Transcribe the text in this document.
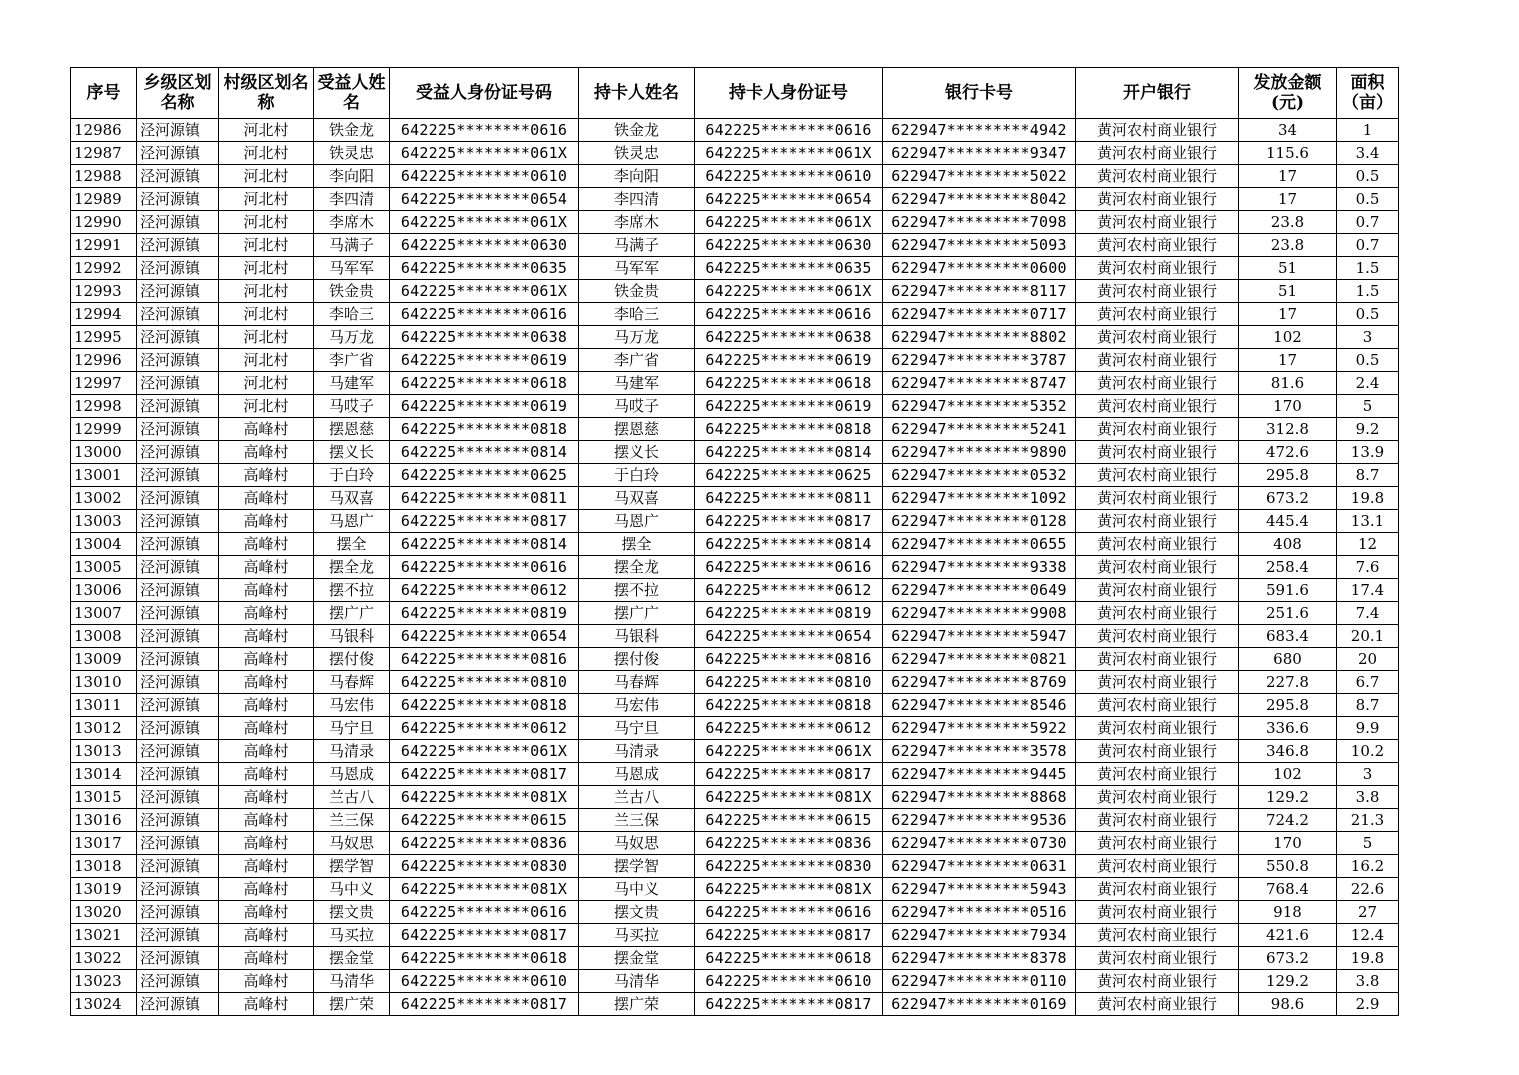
序号	乡级区划名称	村级区划名称	受益人姓名	受益人身份证号码	持卡人姓名	持卡人身份证号	银行卡号	开户银行	发放金额(元)	面积（亩）
12986	泾河源镇	河北村	铁金龙	642225********0616	铁金龙	642225********0616	622947*********4942	黄河农村商业银行	34	1
12987	泾河源镇	河北村	铁灵忠	642225********061X	铁灵忠	642225********061X	622947*********9347	黄河农村商业银行	115.6	3.4
12988	泾河源镇	河北村	李向阳	642225********0610	李向阳	642225********0610	622947*********5022	黄河农村商业银行	17	0.5
12989	泾河源镇	河北村	李四清	642225********0654	李四清	642225********0654	622947*********8042	黄河农村商业银行	17	0.5
12990	泾河源镇	河北村	李席木	642225********061X	李席木	642225********061X	622947*********7098	黄河农村商业银行	23.8	0.7
12991	泾河源镇	河北村	马满子	642225********0630	马满子	642225********0630	622947*********5093	黄河农村商业银行	23.8	0.7
12992	泾河源镇	河北村	马军军	642225********0635	马军军	642225********0635	622947*********0600	黄河农村商业银行	51	1.5
12993	泾河源镇	河北村	铁金贵	642225********061X	铁金贵	642225********061X	622947*********8117	黄河农村商业银行	51	1.5
12994	泾河源镇	河北村	李哈三	642225********0616	李哈三	642225********0616	622947*********0717	黄河农村商业银行	17	0.5
12995	泾河源镇	河北村	马万龙	642225********0638	马万龙	642225********0638	622947*********8802	黄河农村商业银行	102	3
12996	泾河源镇	河北村	李广省	642225********0619	李广省	642225********0619	622947*********3787	黄河农村商业银行	17	0.5
12997	泾河源镇	河北村	马建军	642225********0618	马建军	642225********0618	622947*********8747	黄河农村商业银行	81.6	2.4
12998	泾河源镇	河北村	马哎子	642225********0619	马哎子	642225********0619	622947*********5352	黄河农村商业银行	170	5
12999	泾河源镇	高峰村	摆恩慈	642225********0818	摆恩慈	642225********0818	622947*********5241	黄河农村商业银行	312.8	9.2
13000	泾河源镇	高峰村	摆义长	642225********0814	摆义长	642225********0814	622947*********9890	黄河农村商业银行	472.6	13.9
13001	泾河源镇	高峰村	于白玲	642225********0625	于白玲	642225********0625	622947*********0532	黄河农村商业银行	295.8	8.7
13002	泾河源镇	高峰村	马双喜	642225********0811	马双喜	642225********0811	622947*********1092	黄河农村商业银行	673.2	19.8
13003	泾河源镇	高峰村	马恩广	642225********0817	马恩广	642225********0817	622947*********0128	黄河农村商业银行	445.4	13.1
13004	泾河源镇	高峰村	摆全	642225********0814	摆全	642225********0814	622947*********0655	黄河农村商业银行	408	12
13005	泾河源镇	高峰村	摆全龙	642225********0616	摆全龙	642225********0616	622947*********9338	黄河农村商业银行	258.4	7.6
13006	泾河源镇	高峰村	摆不拉	642225********0612	摆不拉	642225********0612	622947*********0649	黄河农村商业银行	591.6	17.4
13007	泾河源镇	高峰村	摆广广	642225********0819	摆广广	642225********0819	622947*********9908	黄河农村商业银行	251.6	7.4
13008	泾河源镇	高峰村	马银科	642225********0654	马银科	642225********0654	622947*********5947	黄河农村商业银行	683.4	20.1
13009	泾河源镇	高峰村	摆付俊	642225********0816	摆付俊	642225********0816	622947*********0821	黄河农村商业银行	680	20
13010	泾河源镇	高峰村	马春辉	642225********0810	马春辉	642225********0810	622947*********8769	黄河农村商业银行	227.8	6.7
13011	泾河源镇	高峰村	马宏伟	642225********0818	马宏伟	642225********0818	622947*********8546	黄河农村商业银行	295.8	8.7
13012	泾河源镇	高峰村	马宁旦	642225********0612	马宁旦	642225********0612	622947*********5922	黄河农村商业银行	336.6	9.9
13013	泾河源镇	高峰村	马清录	642225********061X	马清录	642225********061X	622947*********3578	黄河农村商业银行	346.8	10.2
13014	泾河源镇	高峰村	马恩成	642225********0817	马恩成	642225********0817	622947*********9445	黄河农村商业银行	102	3
13015	泾河源镇	高峰村	兰古八	642225********081X	兰古八	642225********081X	622947*********8868	黄河农村商业银行	129.2	3.8
13016	泾河源镇	高峰村	兰三保	642225********0615	兰三保	642225********0615	622947*********9536	黄河农村商业银行	724.2	21.3
13017	泾河源镇	高峰村	马奴思	642225********0836	马奴思	642225********0836	622947*********0730	黄河农村商业银行	170	5
13018	泾河源镇	高峰村	摆学智	642225********0830	摆学智	642225********0830	622947*********0631	黄河农村商业银行	550.8	16.2
13019	泾河源镇	高峰村	马中义	642225********081X	马中义	642225********081X	622947*********5943	黄河农村商业银行	768.4	22.6
13020	泾河源镇	高峰村	摆文贵	642225********0616	摆文贵	642225********0616	622947*********0516	黄河农村商业银行	918	27
13021	泾河源镇	高峰村	马买拉	642225********0817	马买拉	642225********0817	622947*********7934	黄河农村商业银行	421.6	12.4
13022	泾河源镇	高峰村	摆金堂	642225********0618	摆金堂	642225********0618	622947*********8378	黄河农村商业银行	673.2	19.8
13023	泾河源镇	高峰村	马清华	642225********0610	马清华	642225********0610	622947*********0110	黄河农村商业银行	129.2	3.8
13024	泾河源镇	高峰村	摆广荣	642225********0817	摆广荣	642225********0817	622947*********0169	黄河农村商业银行	98.6	2.9
